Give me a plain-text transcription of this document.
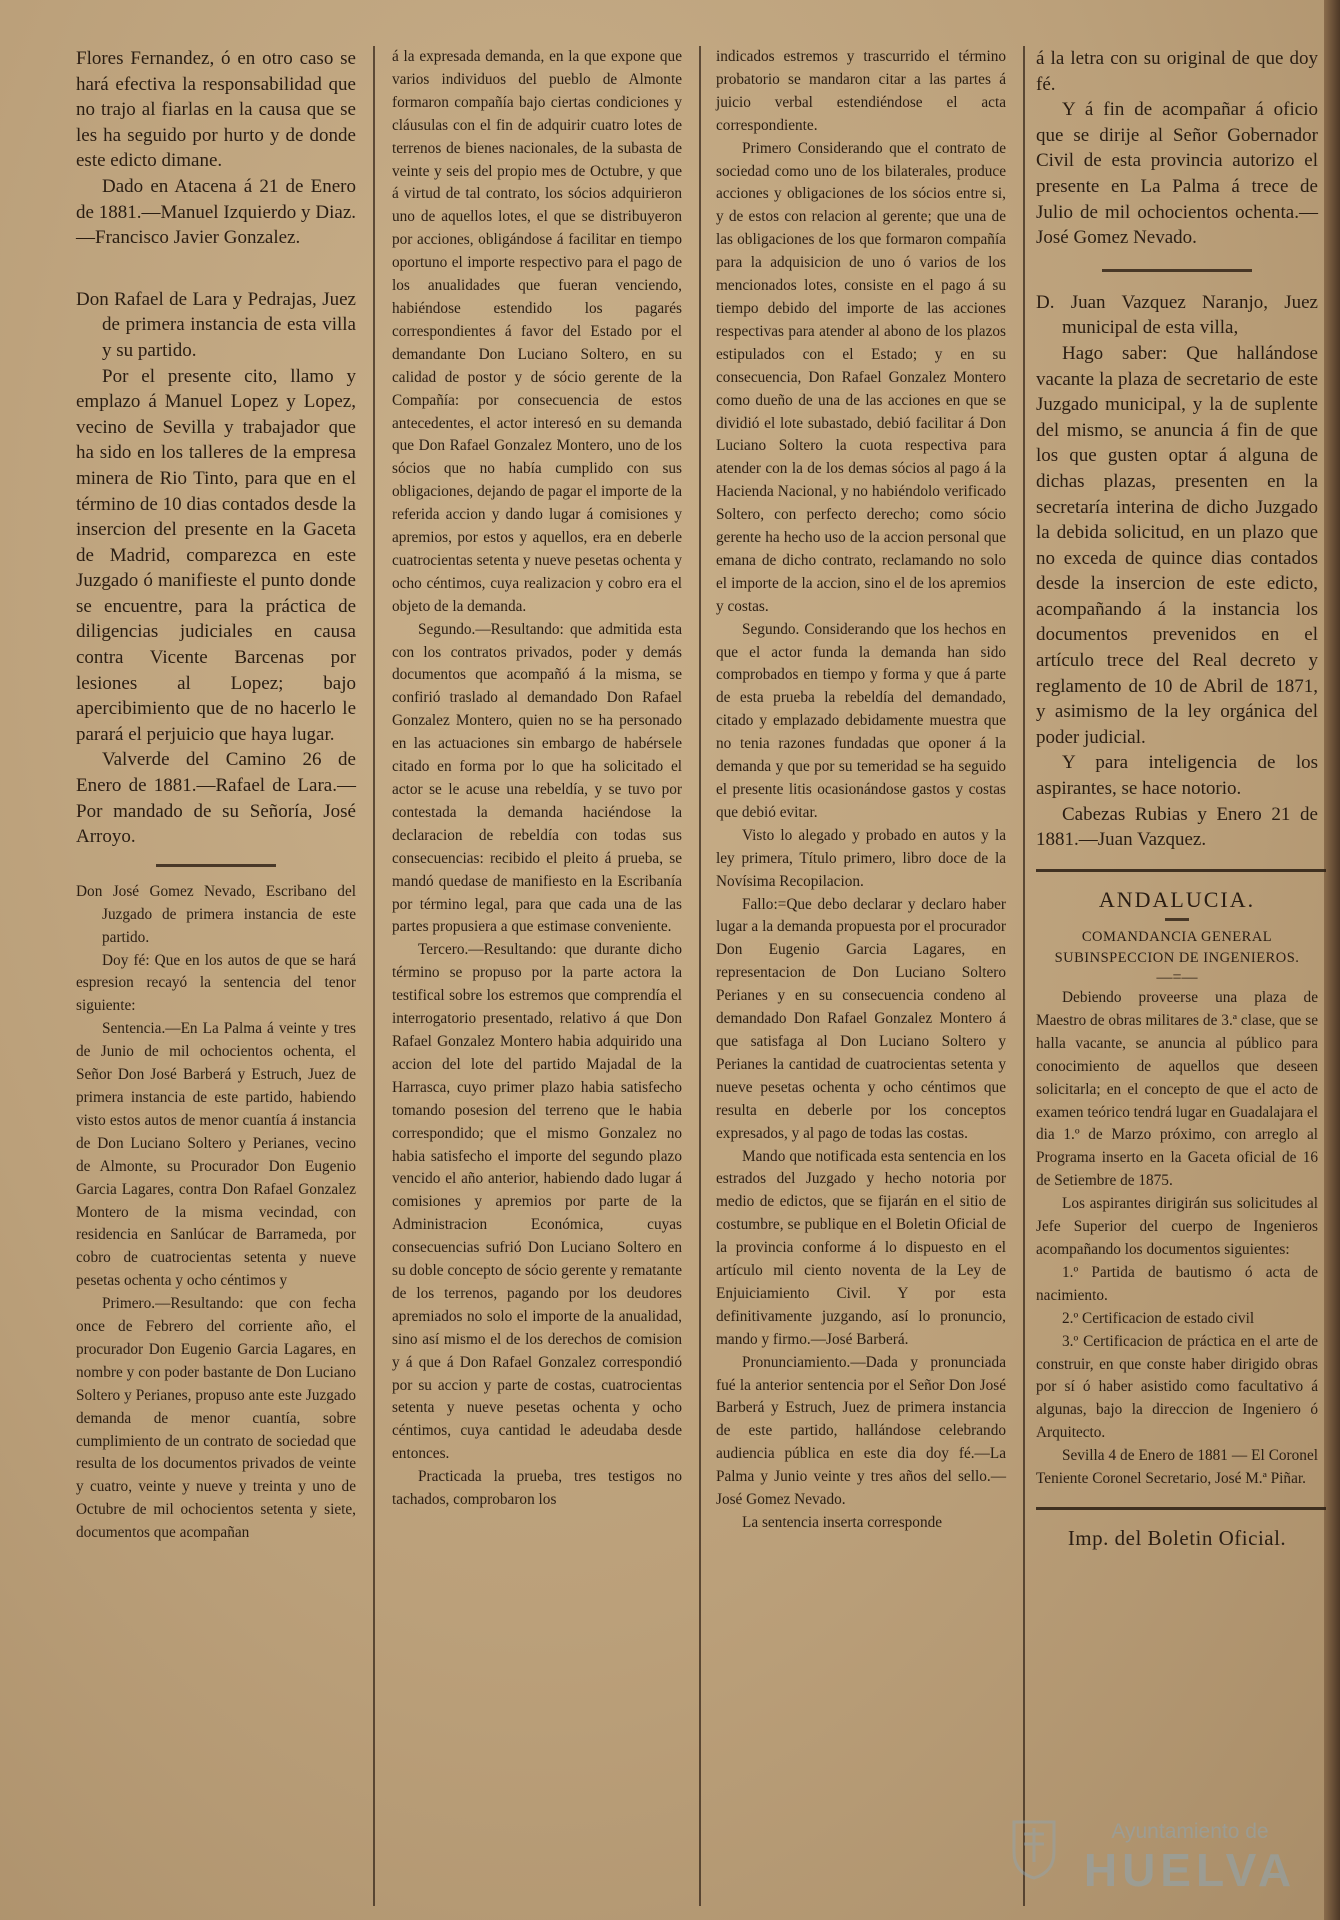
Flores Fernandez, ó en otro caso se hará efectiva la responsabilidad que no trajo al fiarlas en la causa que se les ha seguido por hurto y de donde este edicto dimane.

Dado en Atacena á 21 de Enero de 1881.—Manuel Izquierdo y Diaz.—Francisco Javier Gonzalez.

Don Rafael de Lara y Pedrajas, Juez de primera instancia de esta villa y su partido.

Por el presente cito, llamo y emplazo á Manuel Lopez y Lopez, vecino de Sevilla y trabajador que ha sido en los talleres de la empresa minera de Rio Tinto, para que en el término de 10 dias contados desde la insercion del presente en la Gaceta de Madrid, comparezca en este Juzgado ó manifieste el punto donde se encuentre, para la práctica de diligencias judiciales en causa contra Vicente Barcenas por lesiones al Lopez; bajo apercibimiento que de no hacerlo le parará el perjuicio que haya lugar.

Valverde del Camino 26 de Enero de 1881.—Rafael de Lara.—Por mandado de su Señoría, José Arroyo.

Don José Gomez Nevado, Escribano del Juzgado de primera instancia de este partido.

Doy fé: Que en los autos de que se hará espresion recayó la sentencia del tenor siguiente:

Sentencia.—En La Palma á veinte y tres de Junio de mil ochocientos ochenta, el Señor Don José Barberá y Estruch, Juez de primera instancia de este partido, habiendo visto estos autos de menor cuantía á instancia de Don Luciano Soltero y Perianes, vecino de Almonte, su Procurador Don Eugenio Garcia Lagares, contra Don Rafael Gonzalez Montero de la misma vecindad, con residencia en Sanlúcar de Barrameda, por cobro de cuatrocientas setenta y nueve pesetas ochenta y ocho céntimos y

Primero.—Resultando: que con fecha once de Febrero del corriente año, el procurador Don Eugenio Garcia Lagares, en nombre y con poder bastante de Don Luciano Soltero y Perianes, propuso ante este Juzgado demanda de menor cuantía, sobre cumplimiento de un contrato de sociedad que resulta de los documentos privados de veinte y cuatro, veinte y nueve y treinta y uno de Octubre de mil ochocientos setenta y siete, documentos que acompañan

á la expresada demanda, en la que expone que varios individuos del pueblo de Almonte formaron compañía bajo ciertas condiciones y cláusulas con el fin de adquirir cuatro lotes de terrenos de bienes nacionales, de la subasta de veinte y seis del propio mes de Octubre, y que á virtud de tal contrato, los sócios adquirieron uno de aquellos lotes, el que se distribuyeron por acciones, obligándose á facilitar en tiempo oportuno el importe respectivo para el pago de los anualidades que fueran venciendo, habiéndose estendido los pagarés correspondientes á favor del Estado por el demandante Don Luciano Soltero, en su calidad de postor y de sócio gerente de la Compañía: por consecuencia de estos antecedentes, el actor interesó en su demanda que Don Rafael Gonzalez Montero, uno de los sócios que no había cumplido con sus obligaciones, dejando de pagar el importe de la referida accion y dando lugar á comisiones y apremios, por estos y aquellos, era en deberle cuatrocientas setenta y nueve pesetas ochenta y ocho céntimos, cuya realizacion y cobro era el objeto de la demanda.

Segundo.—Resultando: que admitida esta con los contratos privados, poder y demás documentos que acompañó á la misma, se confirió traslado al demandado Don Rafael Gonzalez Montero, quien no se ha personado en las actuaciones sin embargo de habérsele citado en forma por lo que ha solicitado el actor se le acuse una rebeldía, y se tuvo por contestada la demanda haciéndose la declaracion de rebeldía con todas sus consecuencias: recibido el pleito á prueba, se mandó quedase de manifiesto en la Escribanía por término legal, para que cada una de las partes propusiera a que estimase conveniente.

Tercero.—Resultando: que durante dicho término se propuso por la parte actora la testifical sobre los estremos que comprendía el interrogatorio presentado, relativo á que Don Rafael Gonzalez Montero habia adquirido una accion del lote del partido Majadal de la Harrasca, cuyo primer plazo habia satisfecho tomando posesion del terreno que le habia correspondido; que el mismo Gonzalez no habia satisfecho el importe del segundo plazo vencido el año anterior, habiendo dado lugar á comisiones y apremios por parte de la Administracion Económica, cuyas consecuencias sufrió Don Luciano Soltero en su doble concepto de sócio gerente y rematante de los terrenos, pagando por los deudores apremiados no solo el importe de la anualidad, sino así mismo el de los derechos de comision y á que á Don Rafael Gonzalez correspondió por su accion y parte de costas, cuatrocientas setenta y nueve pesetas ochenta y ocho céntimos, cuya cantidad le adeudaba desde entonces.

Practicada la prueba, tres testigos no tachados, comprobaron los

indicados estremos y trascurrido el término probatorio se mandaron citar a las partes á juicio verbal estendiéndose el acta correspondiente.

Primero Considerando que el contrato de sociedad como uno de los bilaterales, produce acciones y obligaciones de los sócios entre si, y de estos con relacion al gerente; que una de las obligaciones de los que formaron compañía para la adquisicion de uno ó varios de los mencionados lotes, consiste en el pago á su tiempo debido del importe de las acciones respectivas para atender al abono de los plazos estipulados con el Estado; y en su consecuencia, Don Rafael Gonzalez Montero como dueño de una de las acciones en que se dividió el lote subastado, debió facilitar á Don Luciano Soltero la cuota respectiva para atender con la de los demas sócios al pago á la Hacienda Nacional, y no habiéndolo verificado Soltero, con perfecto derecho; como sócio gerente ha hecho uso de la accion personal que emana de dicho contrato, reclamando no solo el importe de la accion, sino el de los apremios y costas.

Segundo. Considerando que los hechos en que el actor funda la demanda han sido comprobados en tiempo y forma y que á parte de esta prueba la rebeldía del demandado, citado y emplazado debidamente muestra que no tenia razones fundadas que oponer á la demanda y que por su temeridad se ha seguido el presente litis ocasionándose gastos y costas que debió evitar.

Visto lo alegado y probado en autos y la ley primera, Título primero, libro doce de la Novísima Recopilacion.

Fallo:=Que debo declarar y declaro haber lugar a la demanda propuesta por el procurador Don Eugenio Garcia Lagares, en representacion de Don Luciano Soltero Perianes y en su consecuencia condeno al demandado Don Rafael Gonzalez Montero á que satisfaga al Don Luciano Soltero y Perianes la cantidad de cuatrocientas setenta y nueve pesetas ochenta y ocho céntimos que resulta en deberle por los conceptos expresados, y al pago de todas las costas.

Mando que notificada esta sentencia en los estrados del Juzgado y hecho notoria por medio de edictos, que se fijarán en el sitio de costumbre, se publique en el Boletin Oficial de la provincia conforme á lo dispuesto en el artículo mil ciento noventa de la Ley de Enjuiciamiento Civil. Y por esta definitivamente juzgando, así lo pronuncio, mando y firmo.—José Barberá.

Pronunciamiento.—Dada y pronunciada fué la anterior sentencia por el Señor Don José Barberá y Estruch, Juez de primera instancia de este partido, hallándose celebrando audiencia pública en este dia doy fé.—La Palma y Junio veinte y tres años del sello.—José Gomez Nevado.

La sentencia inserta corresponde

á la letra con su original de que doy fé.

Y á fin de acompañar á oficio que se dirije al Señor Gobernador Civil de esta provincia autorizo el presente en La Palma á trece de Julio de mil ochocientos ochenta.—José Gomez Nevado.

D. Juan Vazquez Naranjo, Juez municipal de esta villa,

Hago saber: Que hallándose vacante la plaza de secretario de este Juzgado municipal, y la de suplente del mismo, se anuncia á fin de que los que gusten optar á alguna de dichas plazas, presenten en la secretaría interina de dicho Juzgado la debida solicitud, en un plazo que no exceda de quince dias contados desde la insercion de este edicto, acompañando á la instancia los documentos prevenidos en el artículo trece del Real decreto y reglamento de 10 de Abril de 1871, y asimismo de la ley orgánica del poder judicial.

Y para inteligencia de los aspirantes, se hace notorio.

Cabezas Rubias y Enero 21 de 1881.—Juan Vazquez.

ANDALUCIA.

COMANDANCIA GENERAL SUBINSPECCION DE INGENIEROS.

—=—

Debiendo proveerse una plaza de Maestro de obras militares de 3.ª clase, que se halla vacante, se anuncia al público para conocimiento de aquellos que deseen solicitarla; en el concepto de que el acto de examen teórico tendrá lugar en Guadalajara el dia 1.º de Marzo próximo, con arreglo al Programa inserto en la Gaceta oficial de 16 de Setiembre de 1875.

Los aspirantes dirigirán sus solicitudes al Jefe Superior del cuerpo de Ingenieros acompañando los documentos siguientes:

1.º Partida de bautismo ó acta de nacimiento.

2.º Certificacion de estado civil

3.º Certificacion de práctica en el arte de construir, en que conste haber dirigido obras por sí ó haber asistido como facultativo á algunas, bajo la direccion de Ingeniero ó Arquitecto.

Sevilla 4 de Enero de 1881 — El Coronel Teniente Coronel Secretario, José M.ª Piñar.

Imp. del Boletin Oficial.

Ayuntamiento de
HUELVA
